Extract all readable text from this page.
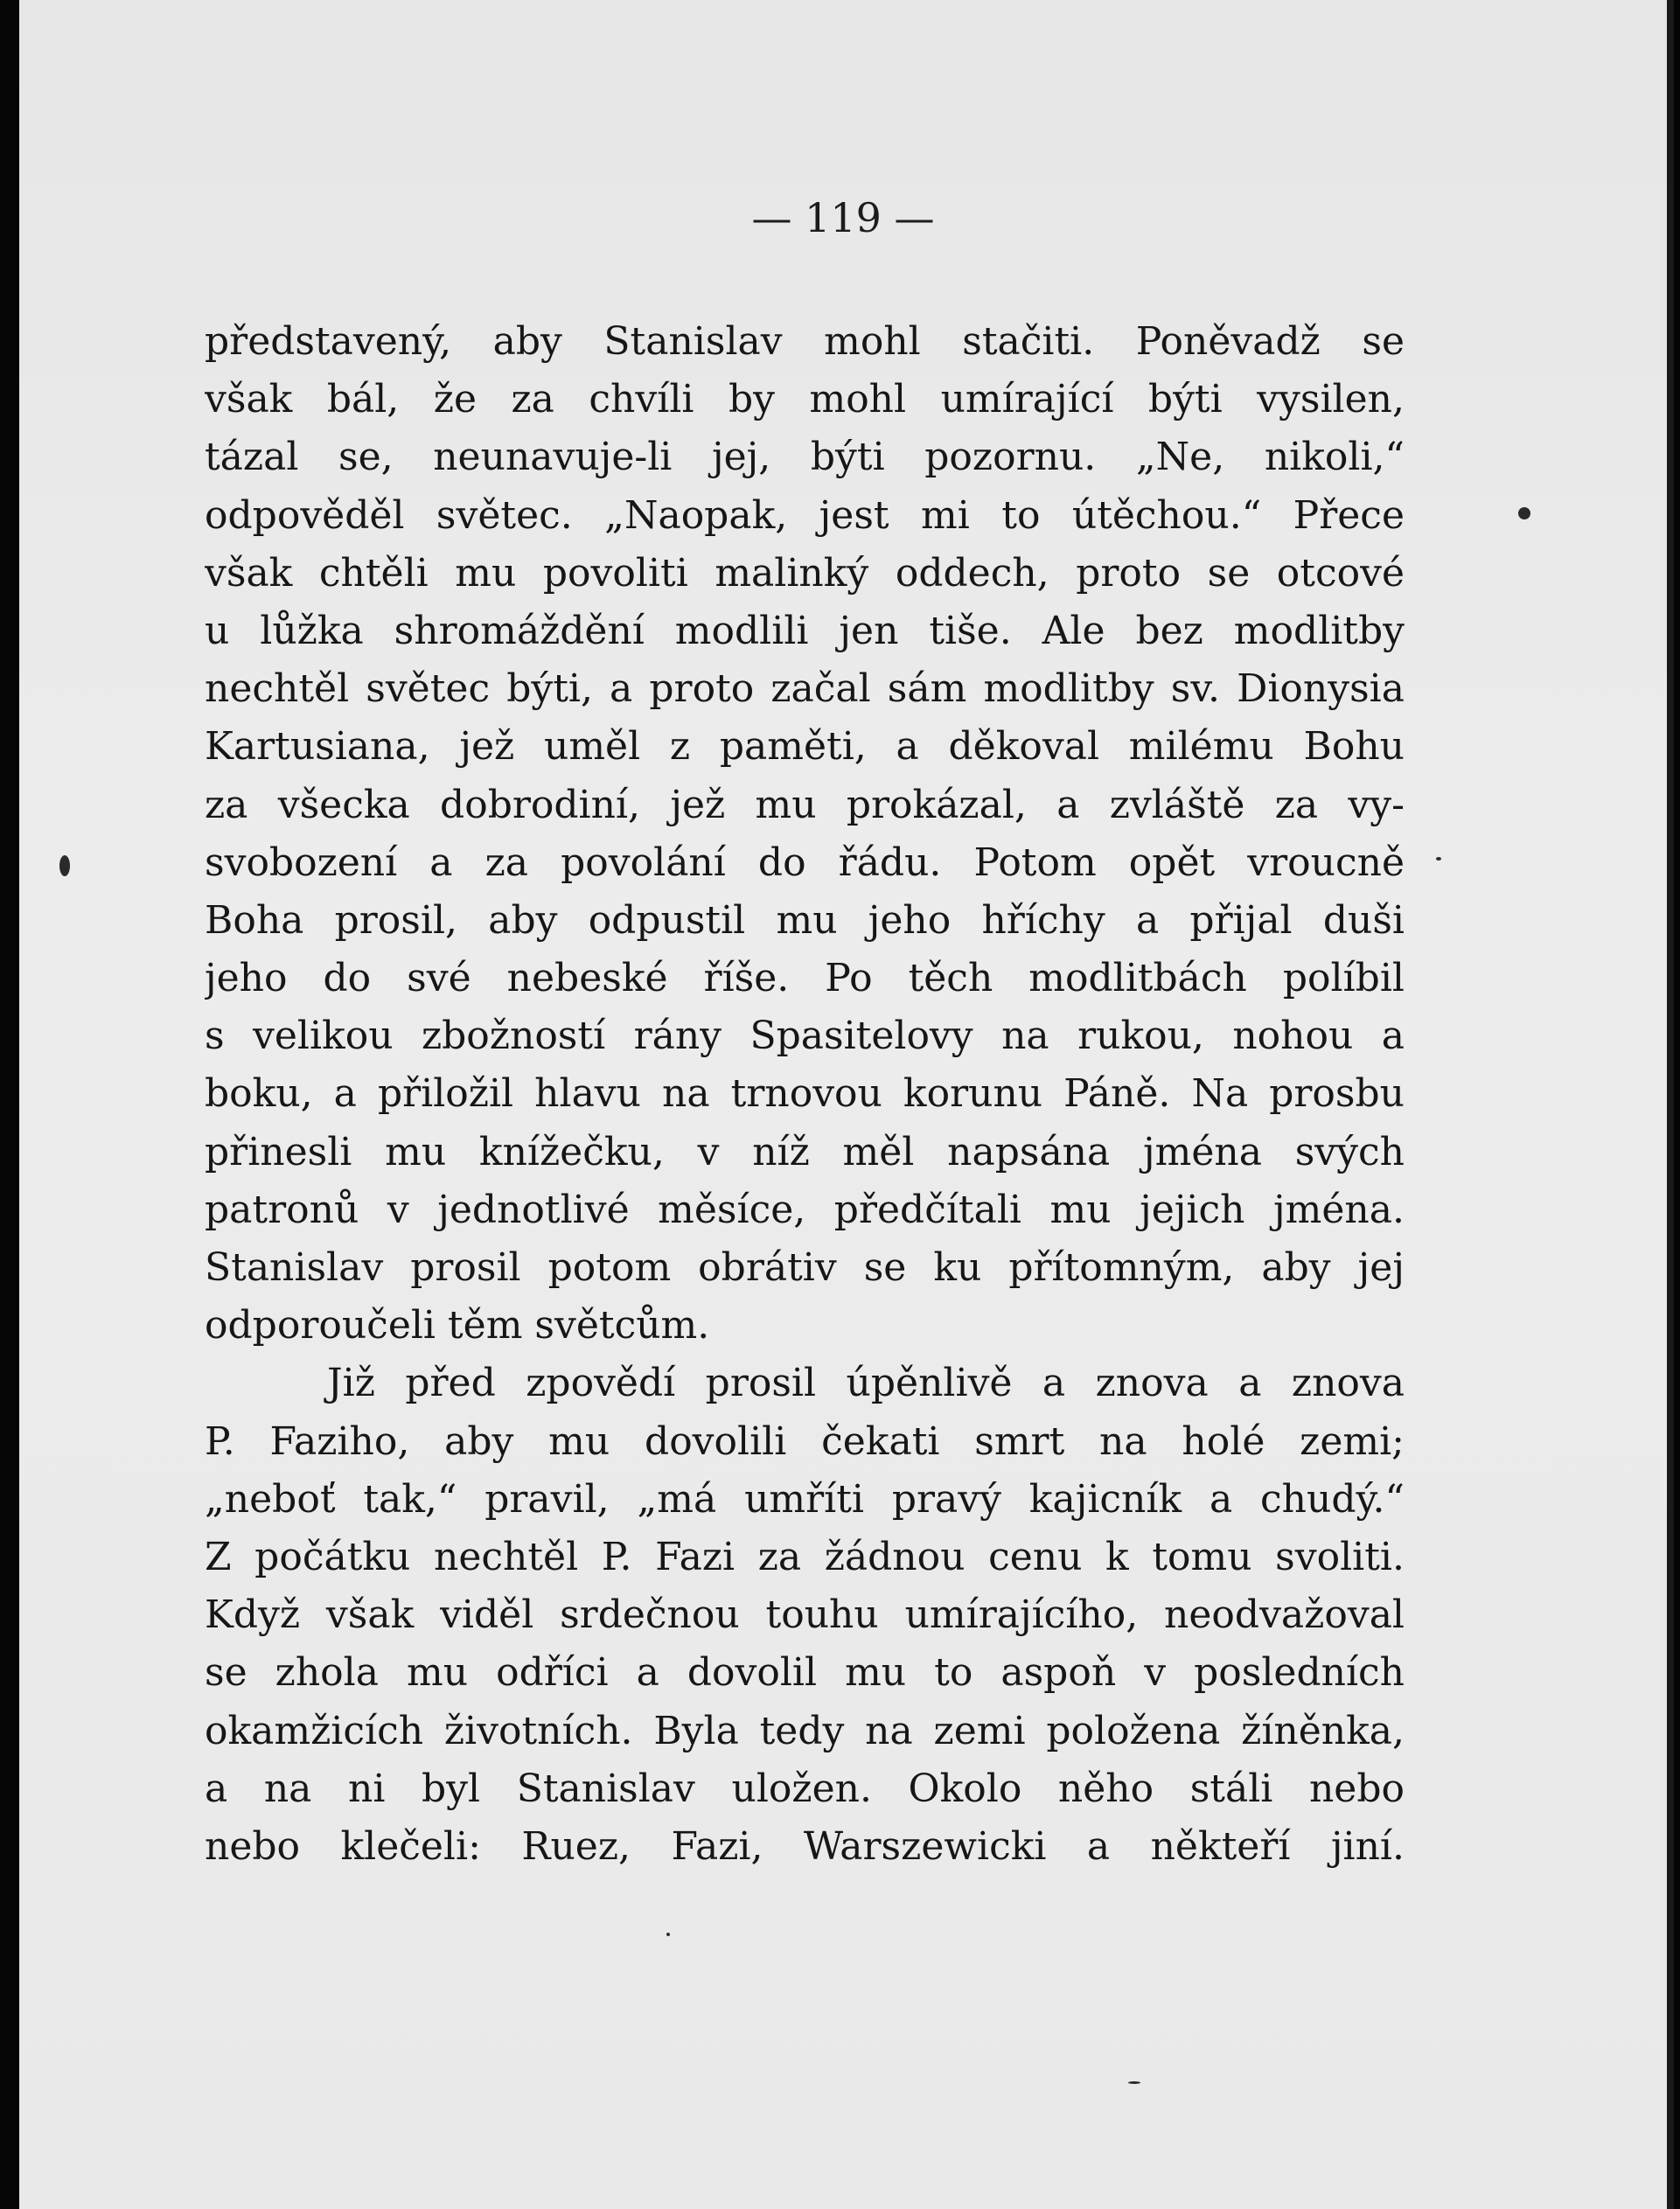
— 119 —

představený, aby Stanislav mohl stačiti. Poněvadž se
však bál, že za chvíli by mohl umírající býti vysilen,
tázal se, neunavuje-li jej, býti pozornu. „Ne, nikoli,“
odpověděl světec. „Naopak, jest mi to útěchou.“ Přece
však chtěli mu povoliti malinký oddech, proto se otcové
u lůžka shromáždění modlili jen tiše. Ale bez modlitby
nechtěl světec býti, a proto začal sám modlitby sv. Dionysia
Kartusiana, jež uměl z paměti, a děkoval milému Bohu
za všecka dobrodiní, jež mu prokázal, a zvláště za vy-
svobození a za povolání do řádu. Potom opět vroucně
Boha prosil, aby odpustil mu jeho hříchy a přijal duši
jeho do své nebeské říše. Po těch modlitbách políbil
s velikou zbožností rány Spasitelovy na rukou, nohou a
boku, a přiložil hlavu na trnovou korunu Páně. Na prosbu
přinesli mu knížečku, v níž měl napsána jména svých
patronů v jednotlivé měsíce, předčítali mu jejich jména.
Stanislav prosil potom obrátiv se ku přítomným, aby jej
odporoučeli těm světcům.
Již před zpovědí prosil úpěnlivě a znova a znova
P. Faziho, aby mu dovolili čekati smrt na holé zemi;
„neboť tak,“ pravil, „má umříti pravý kajicník a chudý.“
Z počátku nechtěl P. Fazi za žádnou cenu k tomu svoliti.
Když však viděl srdečnou touhu umírajícího, neodvažoval
se zhola mu odříci a dovolil mu to aspoň v posledních
okamžicích životních. Byla tedy na zemi položena žíněnka,
a na ni byl Stanislav uložen. Okolo něho stáli nebo
nebo klečeli: Ruez, Fazi, Warszewicki a někteří jiní.
